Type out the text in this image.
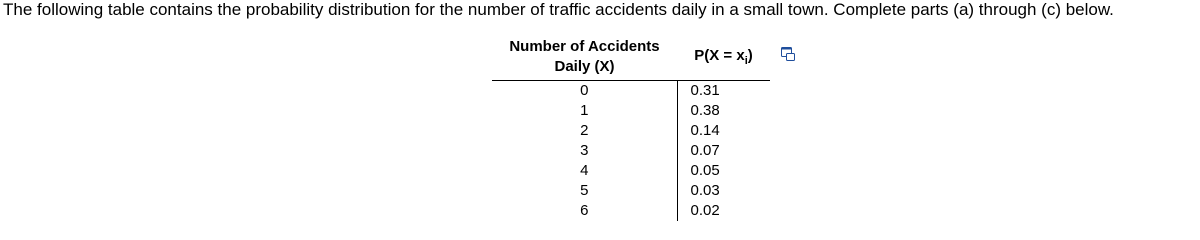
The following table contains the probability distribution for the number of traffic accidents daily in a small town. Complete parts (a) through (c) below.
Number of Accidents
Daily (X)	$P(X = x_i)$
0	0.31
1	0.38
2	0.14
3	0.07
4	0.05
5	0.03
6	0.02
